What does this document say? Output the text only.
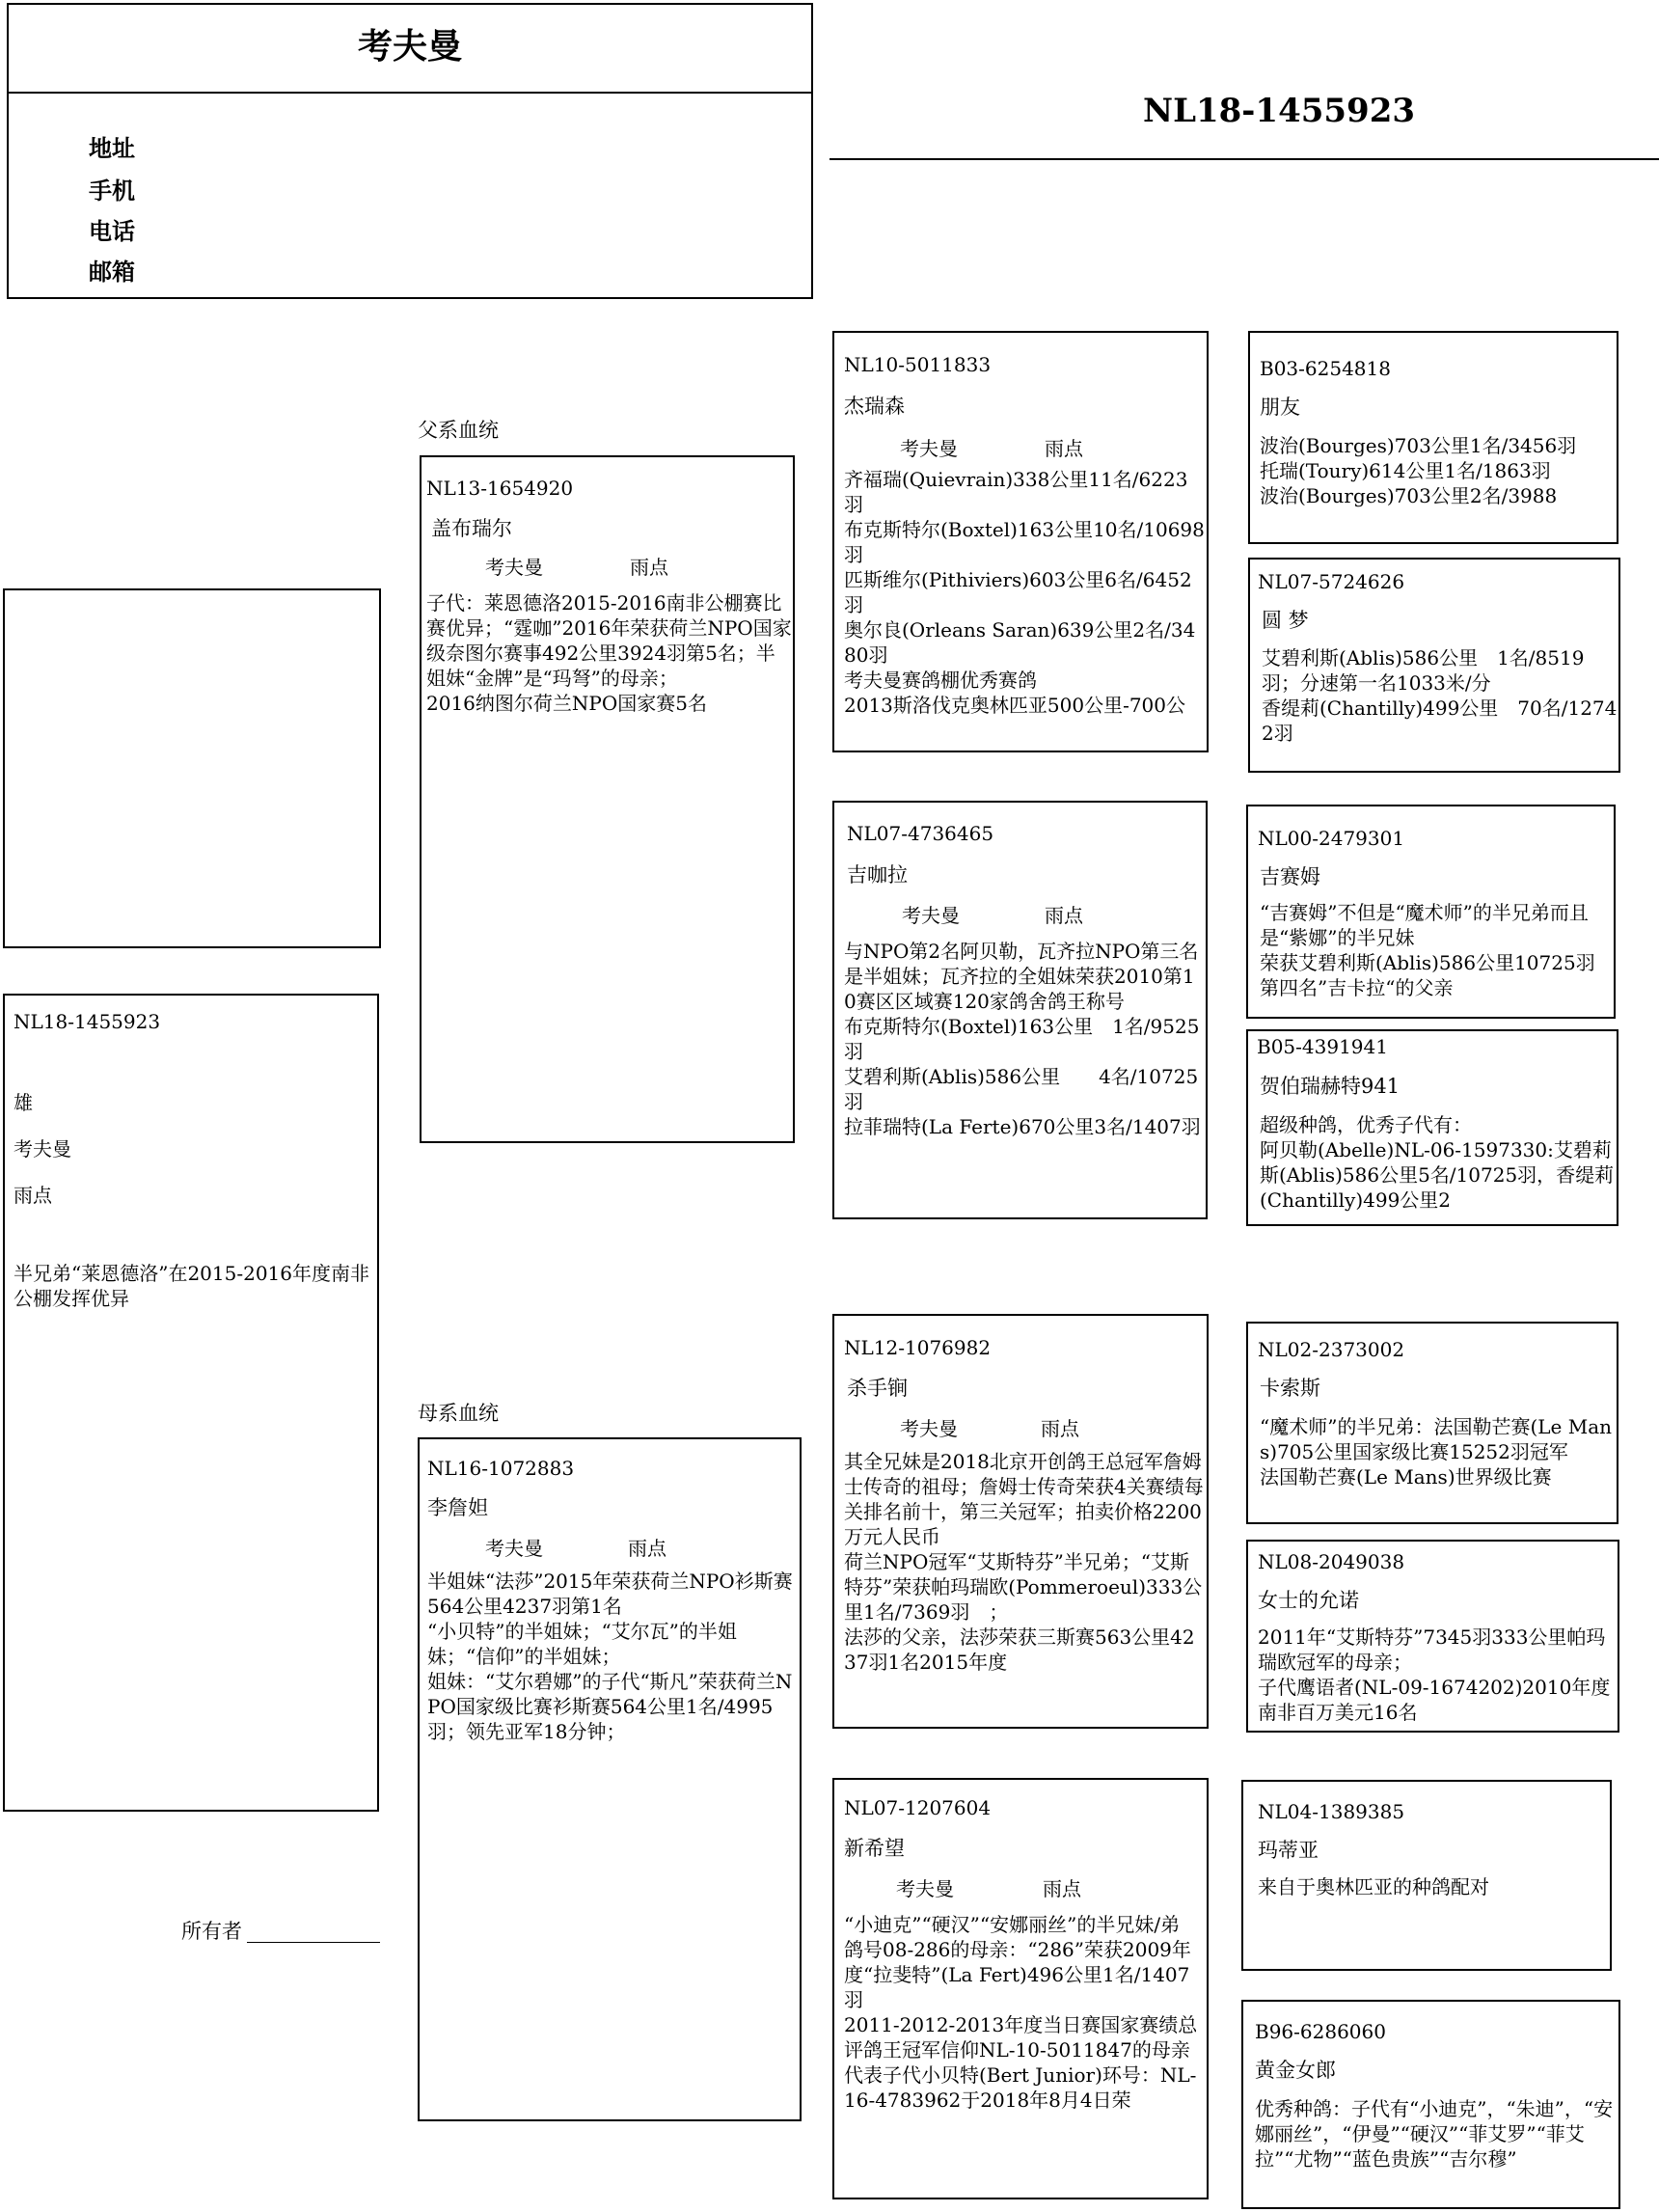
考夫曼
地址
手机
电话
邮箱
NL18-1455923
NL18-1455923
雄
考夫曼
雨点
半兄弟“莱恩德洛”在2015-2016年度南非公棚发挥优异
所有者
父系血统
母系血统
NL13-1654920
盖布瑞尔
考夫曼	雨点
子代：莱恩德洛2015-2016南非公棚赛比赛优异；“霆咖”2016年荣获荷兰NPO国家级奈图尔赛事492公里3924羽第5名；半姐妹“金牌”是“玛弩”的母亲；
2016纳图尔荷兰NPO国家赛5名
NL16-1072883
李詹妲
考夫曼	雨点
半姐妹“法莎”2015年荣获荷兰NPO衫斯赛564公里4237羽第1名
“小贝特”的半姐妹；“艾尔瓦”的半姐妹；“信仰”的半姐妹；
姐妹：“艾尔碧娜”的子代“斯凡”荣获荷兰NPO国家级比赛衫斯赛564公里1名/4995羽；领先亚军18分钟；
NL10-5011833
杰瑞森
考夫曼	雨点
齐福瑞(Quievrain)338公里11名/6223羽
布克斯特尔(Boxtel)163公里10名/10698羽
匹斯维尔(Pithiviers)603公里6名/6452羽
奥尔良(Orleans Saran)639公里2名/3480羽
考夫曼赛鸽棚优秀赛鸽
2013斯洛伐克奥林匹亚500公里-700公
NL07-4736465
吉咖拉
考夫曼	雨点
与NPO第2名阿贝勒，瓦齐拉NPO第三名是半姐妹；瓦齐拉的全姐妹荣获2010第10赛区区域赛120家鸽舍鸽王称号
布克斯特尔(Boxtel)163公里　1名/9525羽
艾碧利斯(Ablis)586公里　　4名/10725羽
拉菲瑞特(La Ferte)670公里3名/1407羽
NL12-1076982
杀手锏
考夫曼	雨点
其全兄妹是2018北京开创鸽王总冠军詹姆士传奇的祖母；詹姆士传奇荣获4关赛绩每关排名前十，第三关冠军；拍卖价格2200万元人民币
荷兰NPO冠军“艾斯特芬”半兄弟；“艾斯特芬”荣获帕玛瑞欧(Pommeroeul)333公里1名/7369羽　；
法莎的父亲，法莎荣获三斯赛563公里4237羽1名2015年度
NL07-1207604
新希望
考夫曼	雨点
“小迪克”“硬汉”“安娜丽丝”的半兄妹/弟
鸽号08-286的母亲：“286”荣获2009年度“拉斐特”(La Fert)496公里1名/1407羽
2011-2012-2013年度当日赛国家赛绩总评鸽王冠军信仰NL-10-5011847的母亲
代表子代小贝特(Bert Junior)环号：NL-16-4783962于2018年8月4日荣
B03-6254818
朋友
波治(Bourges)703公里1名/3456羽
托瑞(Toury)614公里1名/1863羽
波治(Bourges)703公里2名/3988
NL07-5724626
圆 梦
艾碧利斯(Ablis)586公里　1名/8519羽；分速第一名1033米/分
香缇莉(Chantilly)499公里　70名/12742羽
NL00-2479301
吉赛姆
“吉赛姆”不但是“魔术师”的半兄弟而且是“紫娜”的半兄妹
荣获艾碧利斯(Ablis)586公里10725羽第四名”吉卡拉“的父亲
B05-4391941
贺伯瑞赫特941
超级种鸽，优秀子代有：
阿贝勒(Abelle)NL-06-1597330:艾碧莉斯(Ablis)586公里5名/10725羽，香缇莉(Chantilly)499公里2
NL02-2373002
卡索斯
“魔术师”的半兄弟：法国勒芒赛(Le Mans)705公里国家级比赛15252羽冠军
法国勒芒赛(Le Mans)世界级比赛
NL08-2049038
女士的允诺
2011年“艾斯特芬”7345羽333公里帕玛瑞欧冠军的母亲；
子代鹰语者(NL-09-1674202)2010年度南非百万美元16名
NL04-1389385
玛蒂亚
来自于奥林匹亚的种鸽配对
B96-6286060
黄金女郎
优秀种鸽：子代有“小迪克”，“朱迪”，“安娜丽丝”，“伊曼”“硬汉”“菲艾罗”“菲艾拉”“尤物”“蓝色贵族”“吉尔穆”
